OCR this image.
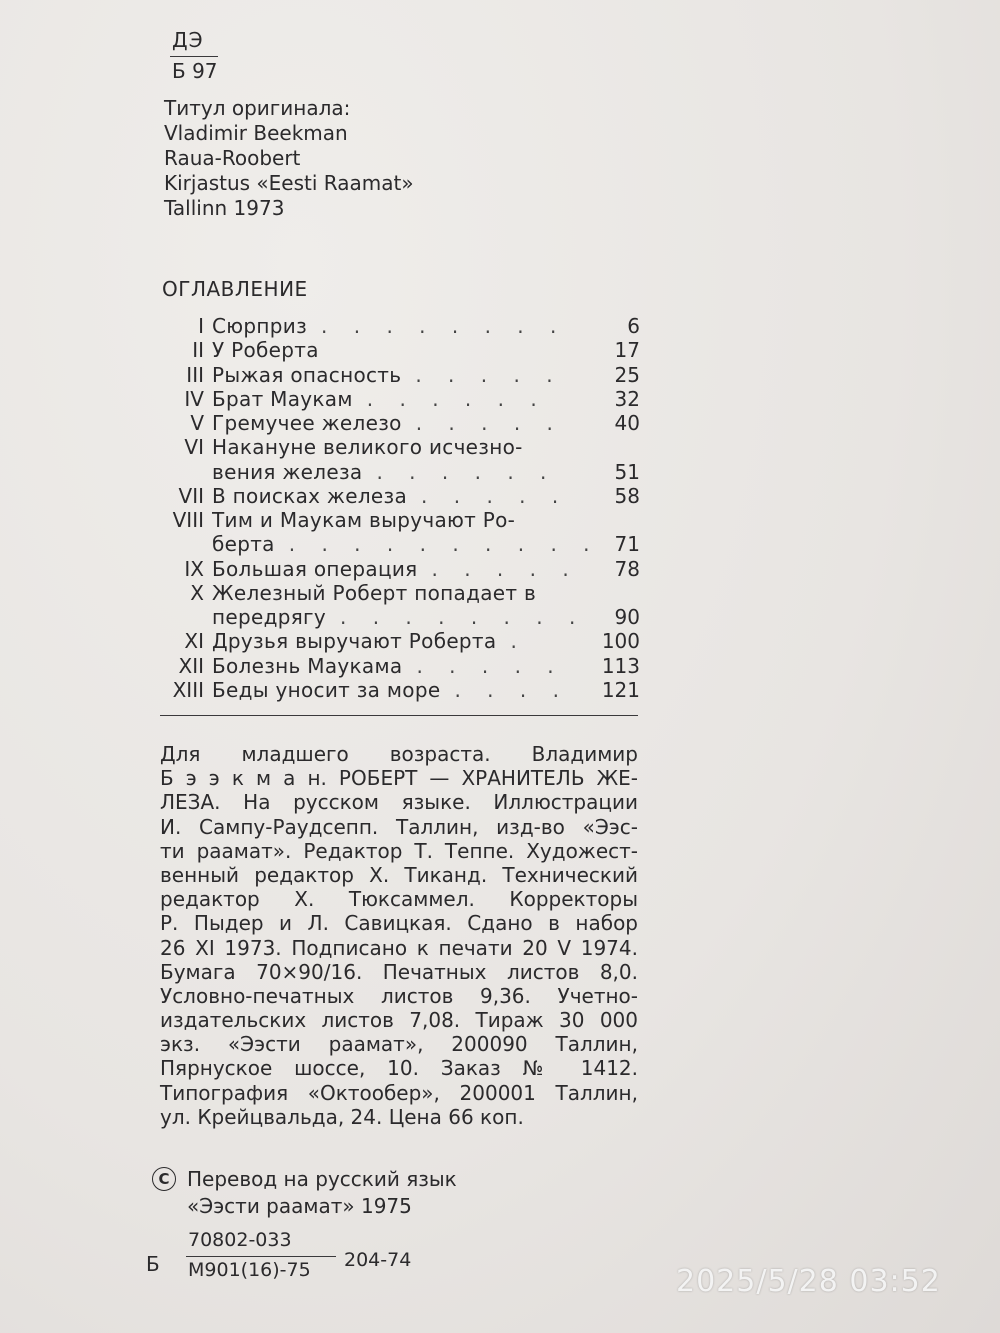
ДЭ
Б 97
Титул оригинала:
Vladimir Beekman
Raua-Roobert
Kirjastus «Eesti Raamat»
Tallinn 1973
ОГЛАВЛЕНИЕ
I Сюрприз . . . . . . . .	6
II У Роберта	17
III Рыжая опасность . . . . .	25
IV Брат Маукам . . . . . .	32
V Гремучее железо . . . . .	40
VI Накануне великого исчезно-
вения железа . . . . . .	51
VII В поисках железа . . . . .	58
VIII Тим и Маукам выручают Ро-
берта . . . . . . . . . . 71
IX Большая операция . . . . .	78
X Железный Роберт попадает в
передрягу . . . . . . . .	90
XI Друзья выручают Роберта .	100
XII Болезнь Маукама . . . . .	113
XIII Беды уносит за море . . . .	121
Для младшего возраста. Владимир
Б э э к м а н. РОБЕРТ — ХРАНИТЕЛЬ ЖЕ-
ЛЕЗА. На русском языке. Иллюстрации
И. Сампу-Раудсепп. Таллин, изд-во «Ээс-
ти раамат». Редактор Т. Теппе. Художест-
венный редактор X. Тиканд. Технический
редактор X. Тюксаммел. Корректоры
Р. Пыдер и Л. Савицкая. Сдано в набор
26 XI 1973. Подписано к печати 20 V 1974.
Бумага 70×90/16. Печатных листов 8,0.
Условно-печатных листов 9,36. Учетно-
издательских листов 7,08. Тираж 30 000
экз. «Ээсти раамат», 200090 Таллин,
Пярнуское шоссе, 10. Заказ № 1412.
Типография «Октообер», 200001 Таллин,
ул. Крейцвальда, 24. Цена 66 коп.
C Перевод на русский язык
«Ээсти раамат» 1975
Б
70802-033
М901(16)-75 204-74
2025/5/28 03:52
